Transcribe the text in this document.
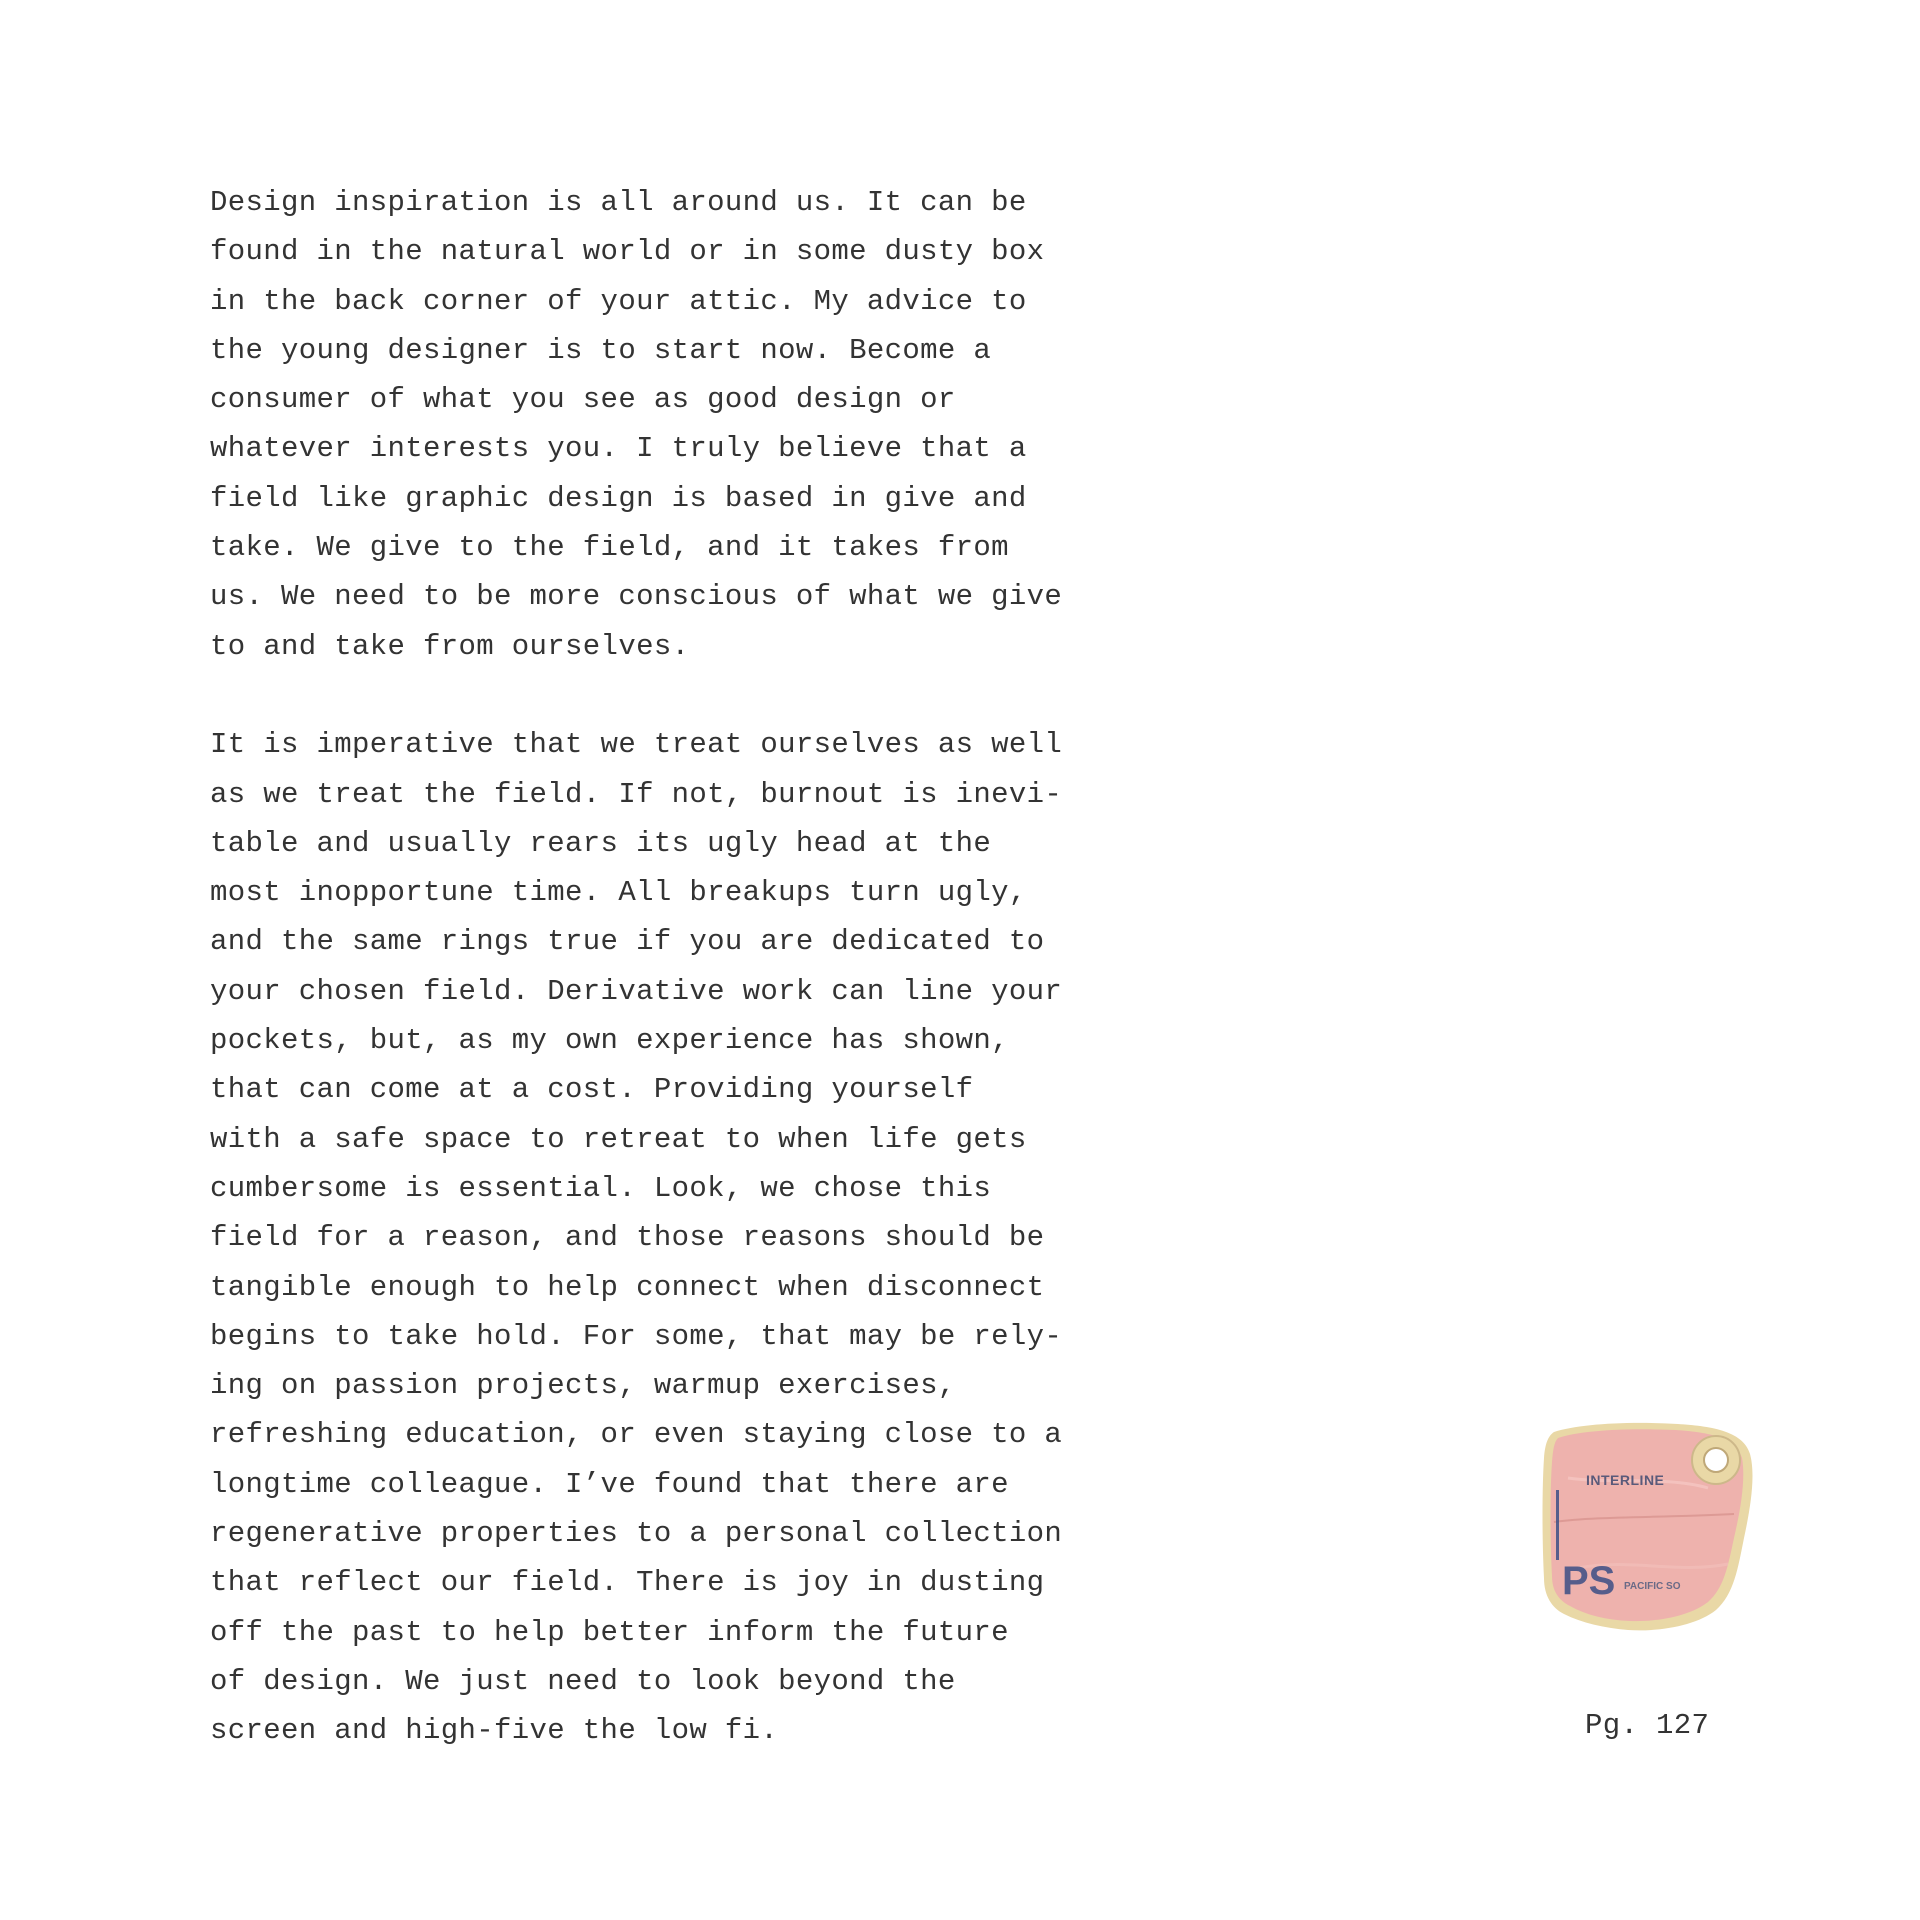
Design inspiration is all around us. It can be
found in the natural world or in some dusty box
in the back corner of your attic. My advice to
the young designer is to start now. Become a
consumer of what you see as good design or
whatever interests you. I truly believe that a
field like graphic design is based in give and
take. We give to the field, and it takes from
us. We need to be more conscious of what we give
to and take from ourselves.

It is imperative that we treat ourselves as well
as we treat the field. If not, burnout is inevi-
table and usually rears its ugly head at the
most inopportune time. All breakups turn ugly,
and the same rings true if you are dedicated to
your chosen field. Derivative work can line your
pockets, but, as my own experience has shown,
that can come at a cost. Providing yourself
with a safe space to retreat to when life gets
cumbersome is essential. Look, we chose this
field for a reason, and those reasons should be
tangible enough to help connect when disconnect
begins to take hold. For some, that may be rely-
ing on passion projects, warmup exercises,
refreshing education, or even staying close to a
longtime colleague. I’ve found that there are
regenerative properties to a personal collection
that reflect our field. There is joy in dusting
off the past to help better inform the future
of design. We just need to look beyond the
screen and high-five the low fi.

INTERLINE
PS PACIFIC SO
Pg. 127
